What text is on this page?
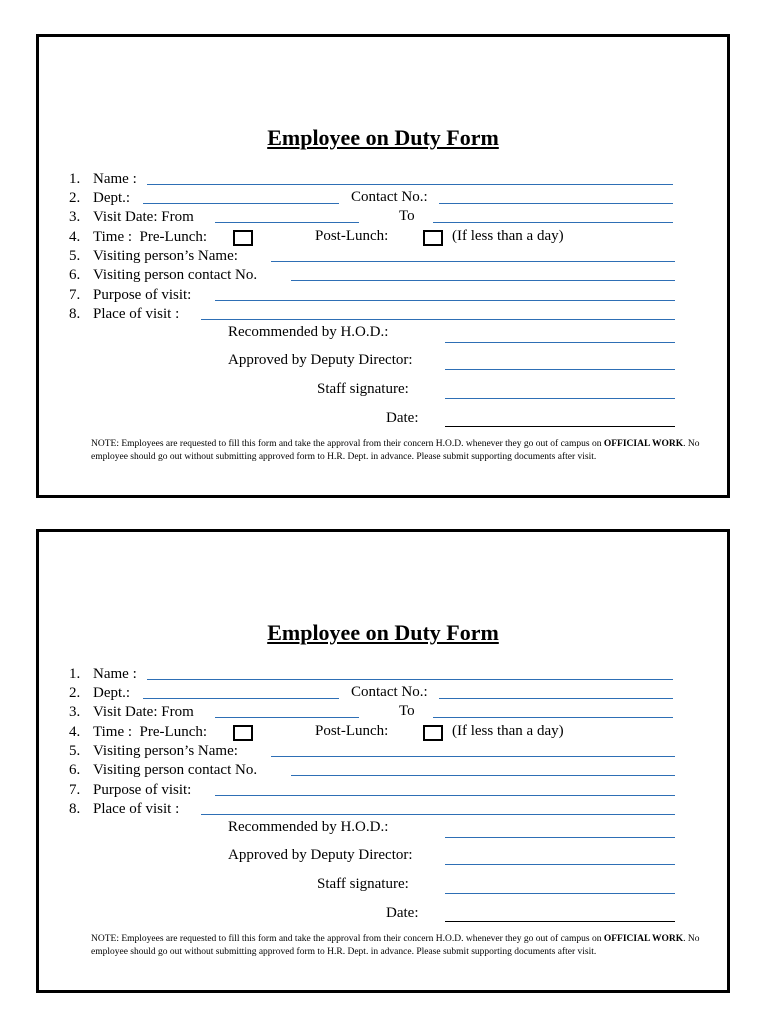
Employee on Duty Form
1. Name :
2. Dept.:	Contact No.:
3. Visit Date: From	To
4. Time :  Pre-Lunch:	Post-Lunch:	(If less than a day)
5. Visiting person’s Name:
6. Visiting person contact No.
7. Purpose of visit:
8. Place of visit :
Recommended by H.O.D.:
Approved by Deputy Director:
Staff signature:
Date:
NOTE: Employees are requested to fill this form and take the approval from their concern H.O.D. whenever they go out of campus on OFFICIAL WORK. No employee should go out without submitting approved form to H.R. Dept. in advance. Please submit supporting documents after visit.
Employee on Duty Form
1. Name :
2. Dept.:	Contact No.:
3. Visit Date: From	To
4. Time :  Pre-Lunch:	Post-Lunch:	(If less than a day)
5. Visiting person’s Name:
6. Visiting person contact No.
7. Purpose of visit:
8. Place of visit :
Recommended by H.O.D.:
Approved by Deputy Director:
Staff signature:
Date:
NOTE: Employees are requested to fill this form and take the approval from their concern H.O.D. whenever they go out of campus on OFFICIAL WORK. No employee should go out without submitting approved form to H.R. Dept. in advance. Please submit supporting documents after visit.
